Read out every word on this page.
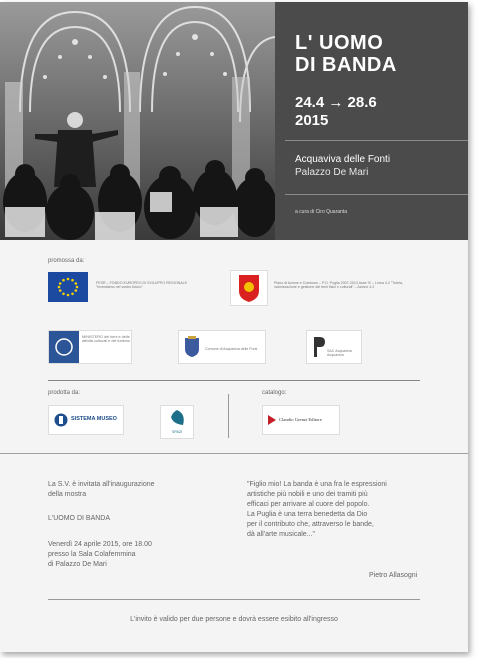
L' UOMO
DI BANDA
24.4 → 28.6
2015
Acquaviva delle Fonti
Palazzo De Mari
a cura di Ciro Quaranta
promossa da:
FESR – FONDO EUROPEO DI SVILUPPO REGIONALE "Investiamo nel vostro futuro"
Piano di Azione e Coesione – P.O. Puglia 2007-2013 Asse IV – Linea 4.2 "Tutela, valorizzazione e gestione dei beni fisici e culturali" – Azione 4.2
MINISTERO dei beni e delle attività culturali e del turismo
Comune di Acquaviva delle Fonti	SAC Acquaviva Acquaviva
prodotta da:
SISTEMA MUSEO
SPAZI
catalogo:
Claudio Grenzi Editore
La S.V. è invitata all'inaugurazione
della mostra
L'UOMO DI BANDA
Venerdì 24 aprile 2015, ore 18.00
presso la Sala Colafemmina
di Palazzo De Mari
"Figlio mio! La banda è una fra le espressioni
artistiche più nobili e uno dei tramiti più
efficaci per arrivare al cuore del popolo.
La Puglia è una terra benedetta da Dio
per il contributo che, attraverso le bande,
dà all'arte musicale..."
Pietro Allasogni
L'invito è valido per due persone e dovrà essere esibito all'ingresso
